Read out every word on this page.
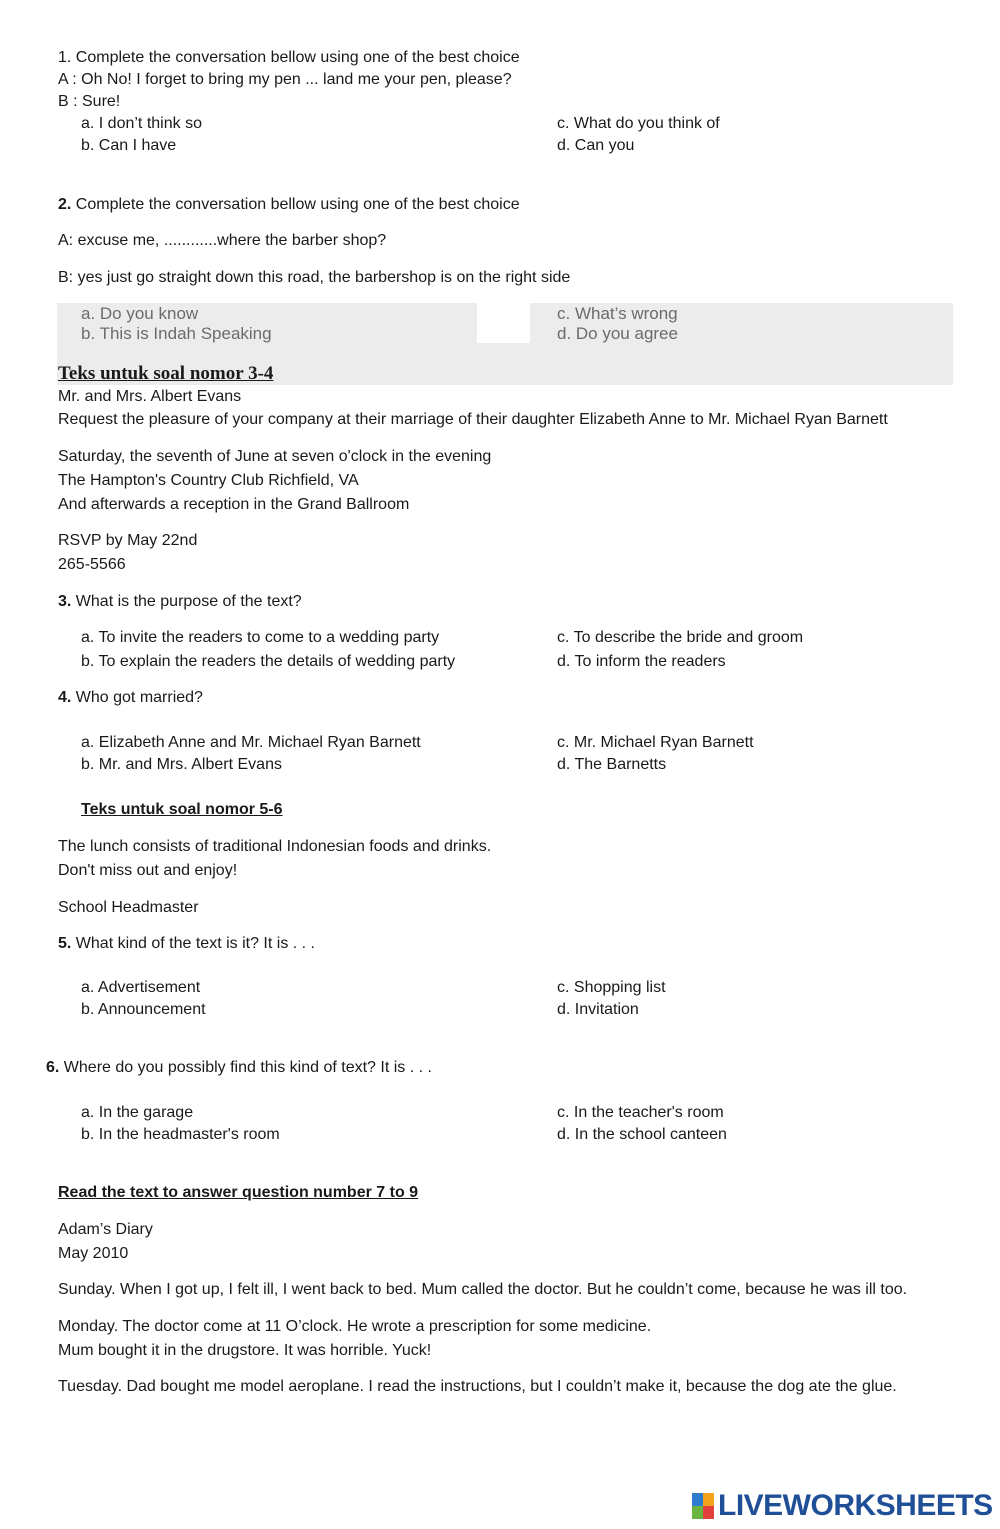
1. Complete the conversation bellow using one of the best choice
A : Oh No! I forget to bring my pen ... land me your pen, please?
B : Sure!
a. I don’t think so
b. Can I have
c. What do you think of
d. Can you
2. Complete the conversation bellow using one of the best choice
A: excuse me, ............where the barber shop?
B: yes just go straight down this road, the barbershop is on the right side
a. Do you know
b. This is Indah Speaking
c. What’s wrong
d. Do you agree
Teks untuk soal nomor 3-4
Mr. and Mrs. Albert Evans
Request the pleasure of your company at their marriage of their daughter Elizabeth Anne to Mr. Michael Ryan Barnett
Saturday, the seventh of June at seven o'clock in the evening
The Hampton's Country Club Richfield, VA
And afterwards a reception in the Grand Ballroom
RSVP by May 22nd
265-5566
3. What is the purpose of the text?
a. To invite the readers to come to a wedding party
b. To explain the readers the details of wedding party
c. To describe the bride and groom
d. To inform the readers
4. Who got married?
a. Elizabeth Anne and Mr. Michael Ryan Barnett
b. Mr. and Mrs. Albert Evans
c. Mr. Michael Ryan Barnett
d. The Barnetts
Teks untuk soal nomor 5-6
The lunch consists of traditional Indonesian foods and drinks.
Don't miss out and enjoy!
School Headmaster
5. What kind of the text is it? It is . . .
a. Advertisement
b. Announcement
c. Shopping list
d. Invitation
6. Where do you possibly find this kind of text? It is . . .
a. In the garage
b. In the headmaster's room
c. In the teacher's room
d. In the school canteen
Read the text to answer question number 7 to 9
Adam’s Diary
May 2010
Sunday. When I got up, I felt ill, I went back to bed. Mum called the doctor. But he couldn’t come, because he was ill too.
Monday. The doctor come at 11 O’clock. He wrote a prescription for some medicine.
Mum bought it in the drugstore. It was horrible. Yuck!
Tuesday. Dad bought me model aeroplane. I read the instructions, but I couldn’t make it, because the dog ate the glue.
LIVEWORKSHEETS
